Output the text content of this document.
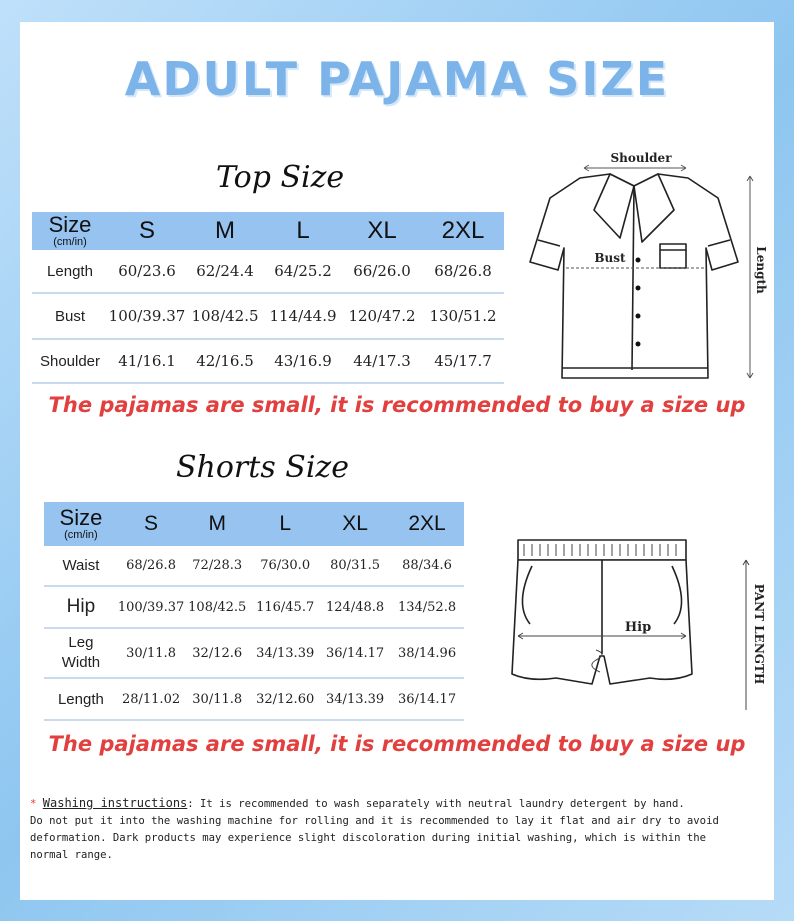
ADULT PAJAMA SIZE
Top Size
Size
(cm/in)	S	M	L	XL	2XL
Length	60/23.6	62/24.4	64/25.2	66/26.0	68/26.8
Bust	100/39.37	108/42.5	114/44.9	120/47.2	130/51.2
Shoulder	41/16.1	42/16.5	43/16.9	44/17.3	45/17.7
Shoulder
Bust	Length
The pajamas are small, it is recommended to buy a size up
Shorts Size
Size
(cm/in)	S	M	L	XL	2XL
Waist	68/26.8	72/28.3	76/30.0	80/31.5	88/34.6
Hip	100/39.37	108/42.5	116/45.7	124/48.8	134/52.8

Leg
Width	30/11.8	32/12.6	34/13.39	36/14.17	38/14.96
Length	28/11.02	30/11.8	32/12.60	34/13.39	36/14.17
Hip	PANT LENGTH
The pajamas are small, it is recommended to buy a size up
* Washing instructions: It is recommended to wash separately with neutral laundry detergent by hand.
Do not put it into the washing machine for rolling and it is recommended to lay it flat and air dry to avoid
deformation. Dark products may experience slight discoloration during initial washing, which is within the
normal range.
